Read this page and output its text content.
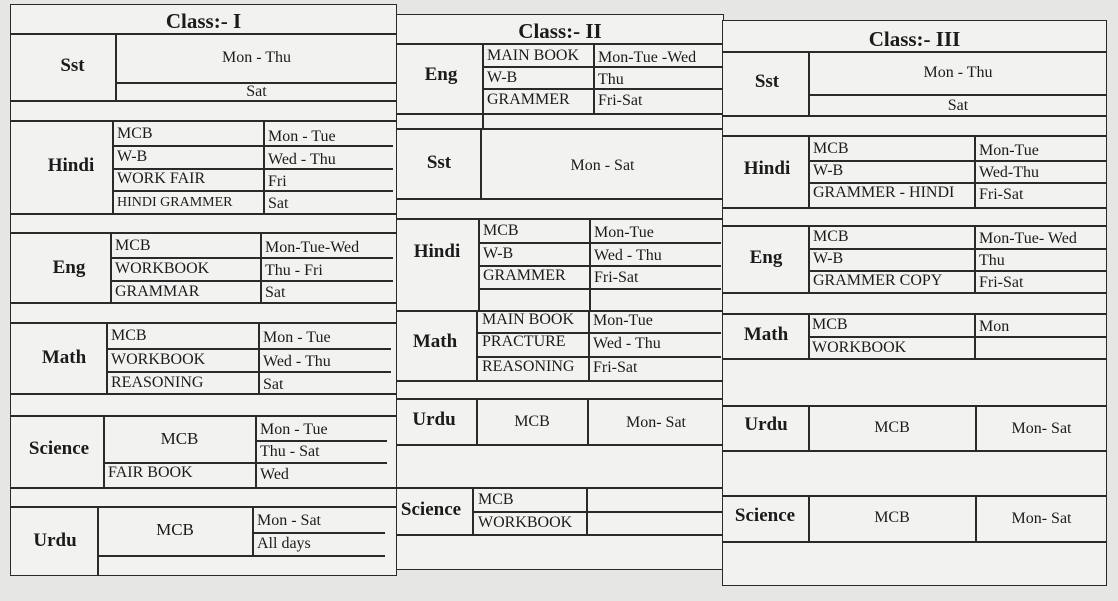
Class:- I
Sst	Mon - Thu
Sat
Hindi
MCB	Mon - Tue
W-B	Wed - Thu
WORK FAIR	Fri
HINDI GRAMMER Sat
Eng
MCB	Mon-Tue-Wed
WORKBOOK	Thu - Fri
GRAMMAR	Sat
Math
MCB	Mon - Tue
WORKBOOK	Wed - Thu
REASONING	Sat
Science	MCB	Mon - Tue
Thu - Sat
FAIR BOOK	Wed
Urdu
MCB	Mon - Sat
All days
Class:- II
Eng
MAIN BOOK Mon-Tue -Wed
W-B	Thu
GRAMMER Fri-Sat
Sst	Mon - Sat
Hindi
MCB	Mon-Tue
W-B	Wed - Thu
GRAMMER Fri-Sat
Math
MAIN BOOK Mon-Tue
PRACTURE Wed - Thu
REASONING Fri-Sat
Urdu	MCB	Mon- Sat
Science	MCB
WORKBOOK
Class:- III
Sst	Mon - Thu
Sat
Hindi
MCB	Mon-Tue
W-B	Wed-Thu
GRAMMER - HINDI Fri-Sat
Eng
MCB	Mon-Tue- Wed
W-B	Thu
GRAMMER COPY Fri-Sat
Math	MCB	Mon
WORKBOOK
Urdu	MCB	Mon- Sat
Science	MCB	Mon- Sat
